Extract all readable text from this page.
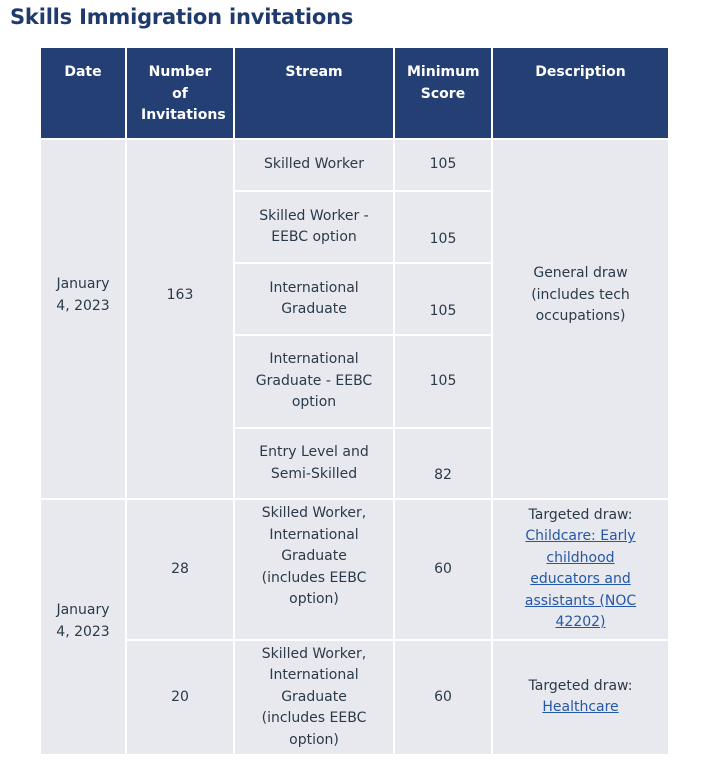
Skills Immigration invitations
Date	Number of Invitations	Stream	Minimum Score	Description
January 4, 2023	163	Skilled Worker	105	General draw (includes tech occupations)
		Skilled Worker - EEBC option	105	
		International Graduate	105	
		International Graduate - EEBC option	105	
		Entry Level and Semi-Skilled	82	
January 4, 2023	28	Skilled Worker, International Graduate (includes EEBC option)	60	Targeted draw:
Childcare: Early childhood educators and assistants (NOC 42202)
	20	Skilled Worker, International Graduate (includes EEBC option)	60	Targeted draw:
Healthcare
